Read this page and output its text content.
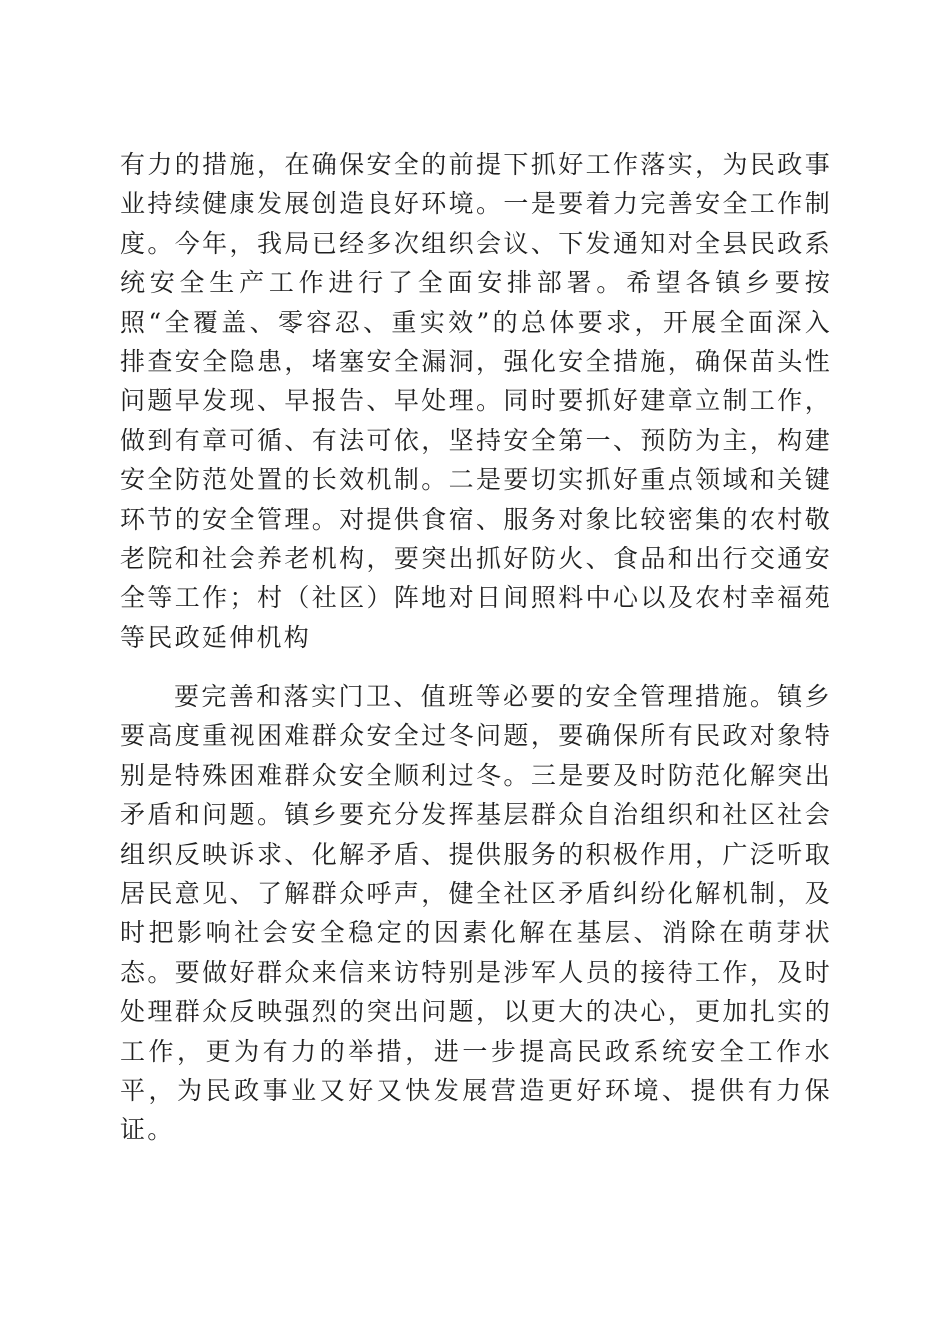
有力的措施，在确保安全的前提下抓好工作落实，为民政事业持续健康发展创造良好环境。一是要着力完善安全工作制度。今年，我局已经多次组织会议、下发通知对全县民政系统安全生产工作进行了全面安排部署。希望各镇乡要按照“全覆盖、零容忍、重实效”的总体要求，开展全面深入排查安全隐患，堵塞安全漏洞，强化安全措施，确保苗头性问题早发现、早报告、早处理。同时要抓好建章立制工作，做到有章可循、有法可依，坚持安全第一、预防为主，构建安全防范处置的长效机制。二是要切实抓好重点领域和关键环节的安全管理。对提供食宿、服务对象比较密集的农村敬老院和社会养老机构，要突出抓好防火、食品和出行交通安全等工作；村（社区）阵地对日间照料中心以及农村幸福苑等民政延伸机构

要完善和落实门卫、值班等必要的安全管理措施。镇乡要高度重视困难群众安全过冬问题，要确保所有民政对象特别是特殊困难群众安全顺利过冬。三是要及时防范化解突出矛盾和问题。镇乡要充分发挥基层群众自治组织和社区社会组织反映诉求、化解矛盾、提供服务的积极作用，广泛听取居民意见、了解群众呼声，健全社区矛盾纠纷化解机制，及时把影响社会安全稳定的因素化解在基层、消除在萌芽状态。要做好群众来信来访特别是涉军人员的接待工作，及时处理群众反映强烈的突出问题，以更大的决心，更加扎实的工作，更为有力的举措，进一步提高民政系统安全工作水平，为民政事业又好又快发展营造更好环境、提供有力保证。
